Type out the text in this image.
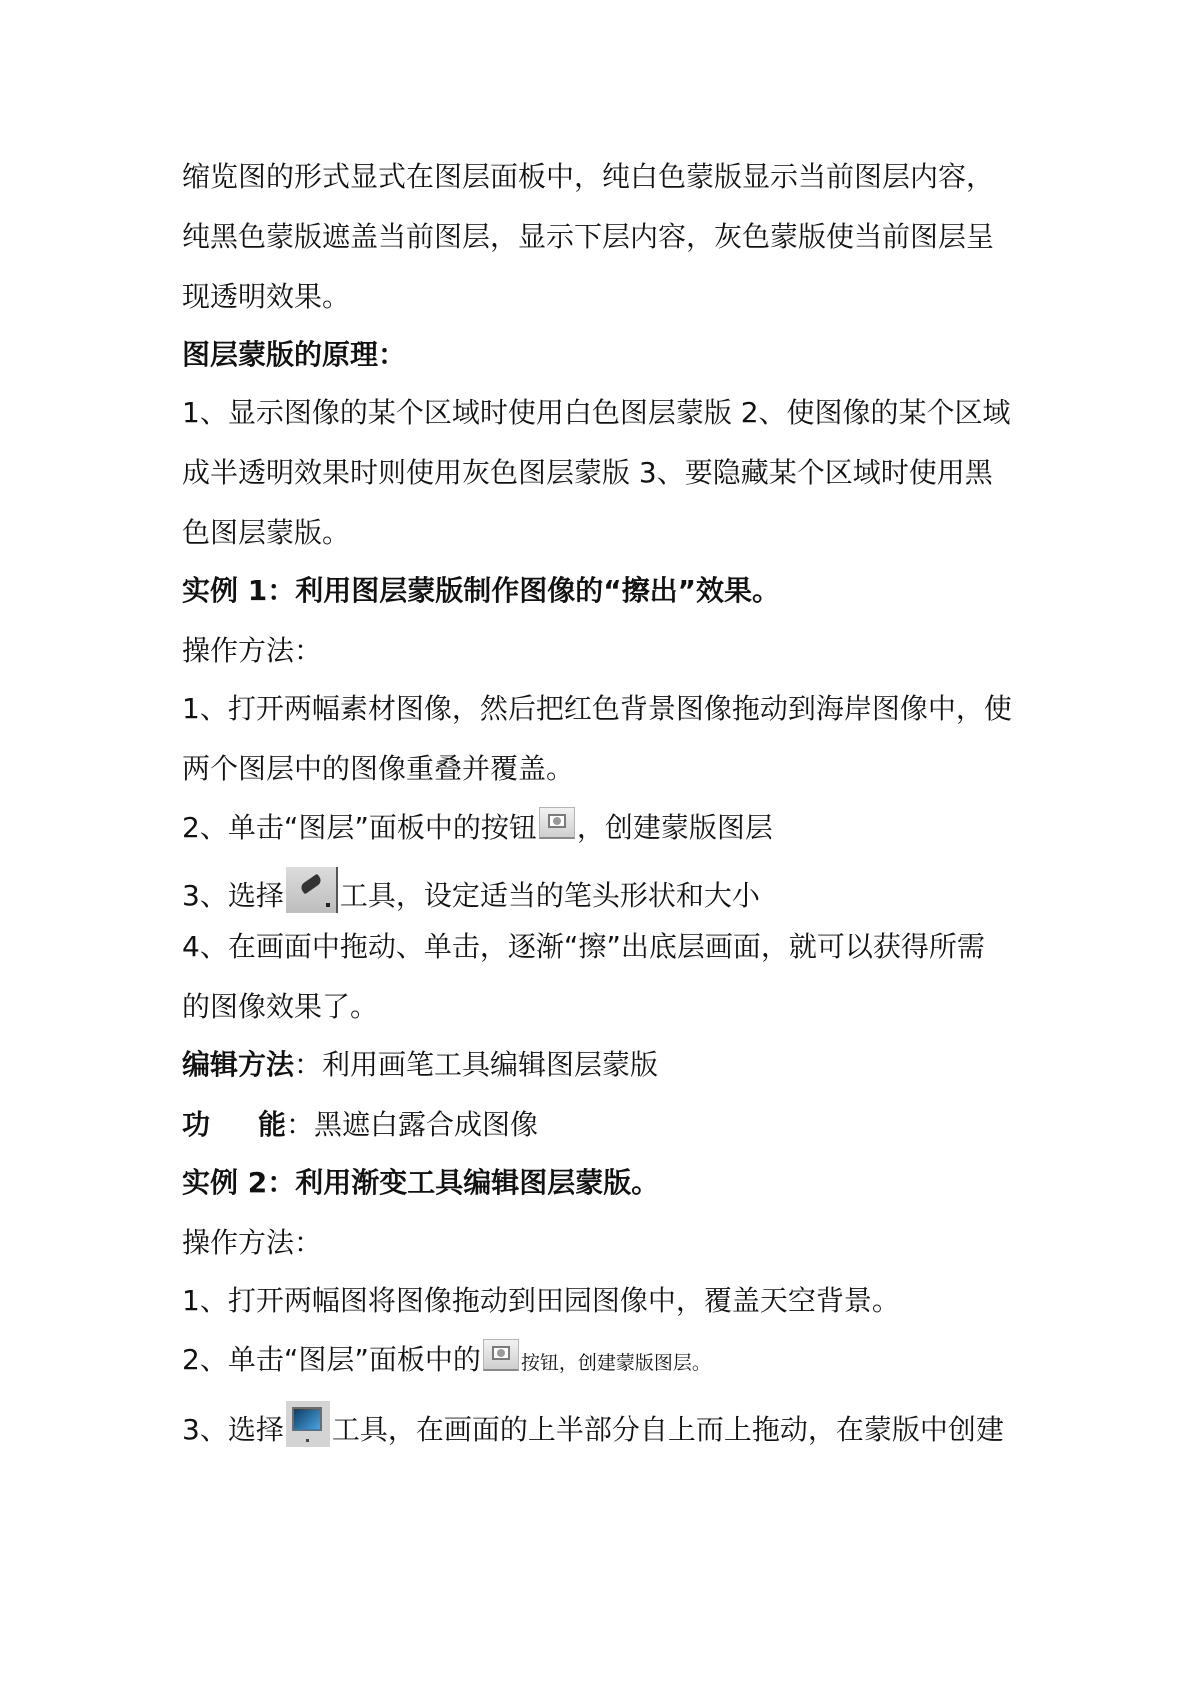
缩览图的形式显式在图层面板中，纯白色蒙版显示当前图层内容，
纯黑色蒙版遮盖当前图层，显示下层内容，灰色蒙版使当前图层呈
现透明效果。
图层蒙版的原理：
1、显示图像的某个区域时使用白色图层蒙版 2、使图像的某个区域
成半透明效果时则使用灰色图层蒙版 3、要隐藏某个区域时使用黑
色图层蒙版。
实例 1：利用图层蒙版制作图像的“擦出”效果。
操作方法：
1、打开两幅素材图像，然后把红色背景图像拖动到海岸图像中，使
两个图层中的图像重叠并覆盖。
2、单击“图层”面板中的按钮 ，创建蒙版图层
3、选择 工具，设定适当的笔头形状和大小
4、在画面中拖动、单击，逐渐“擦”出底层画面，就可以获得所需
的图像效果了。
编辑方法：利用画笔工具编辑图层蒙版
功 能：黑遮白露合成图像
实例 2：利用渐变工具编辑图层蒙版。
操作方法：
1、打开两幅图将图像拖动到田园图像中，覆盖天空背景。
2、单击“图层”面板中的 按钮，创建蒙版图层。
3、选择 工具，在画面的上半部分自上而上拖动，在蒙版中创建
